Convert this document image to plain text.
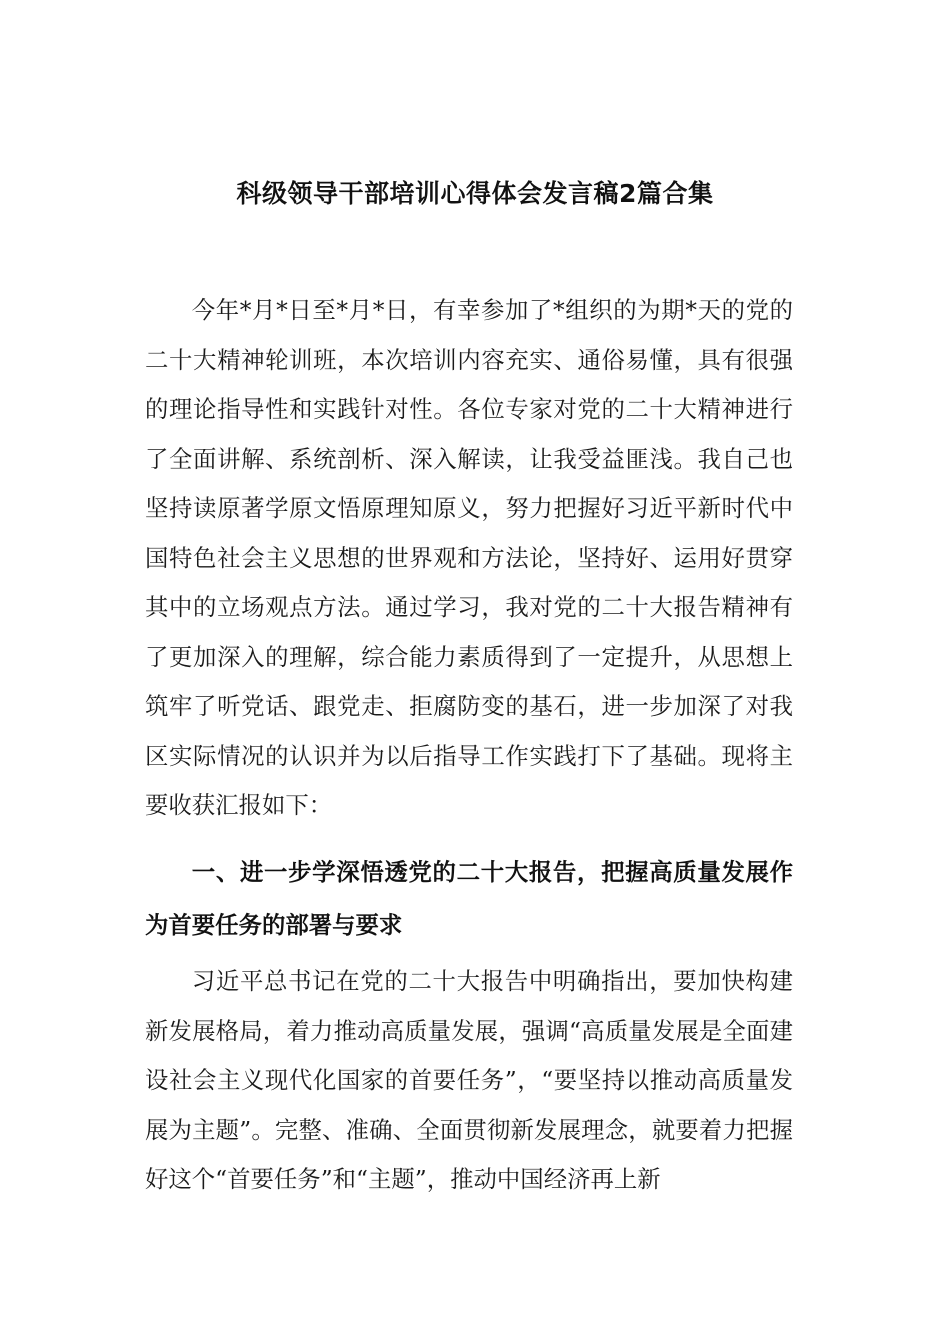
科级领导干部培训心得体会发言稿2篇合集

今年*月*日至*月*日，有幸参加了*组织的为期*天的党的二十大精神轮训班，本次培训内容充实、通俗易懂，具有很强的理论指导性和实践针对性。各位专家对党的二十大精神进行了全面讲解、系统剖析、深入解读，让我受益匪浅。我自己也坚持读原著学原文悟原理知原义，努力把握好习近平新时代中国特色社会主义思想的世界观和方法论，坚持好、运用好贯穿其中的立场观点方法。通过学习，我对党的二十大报告精神有了更加深入的理解，综合能力素质得到了一定提升，从思想上筑牢了听党话、跟党走、拒腐防变的基石，进一步加深了对我区实际情况的认识并为以后指导工作实践打下了基础。现将主要收获汇报如下：

一、进一步学深悟透党的二十大报告，把握高质量发展作为首要任务的部署与要求

习近平总书记在党的二十大报告中明确指出，要加快构建新发展格局，着力推动高质量发展，强调“高质量发展是全面建设社会主义现代化国家的首要任务”，“要坚持以推动高质量发展为主题”。完整、准确、全面贯彻新发展理念，就要着力把握好这个“首要任务”和“主题”，推动中国经济再上新
